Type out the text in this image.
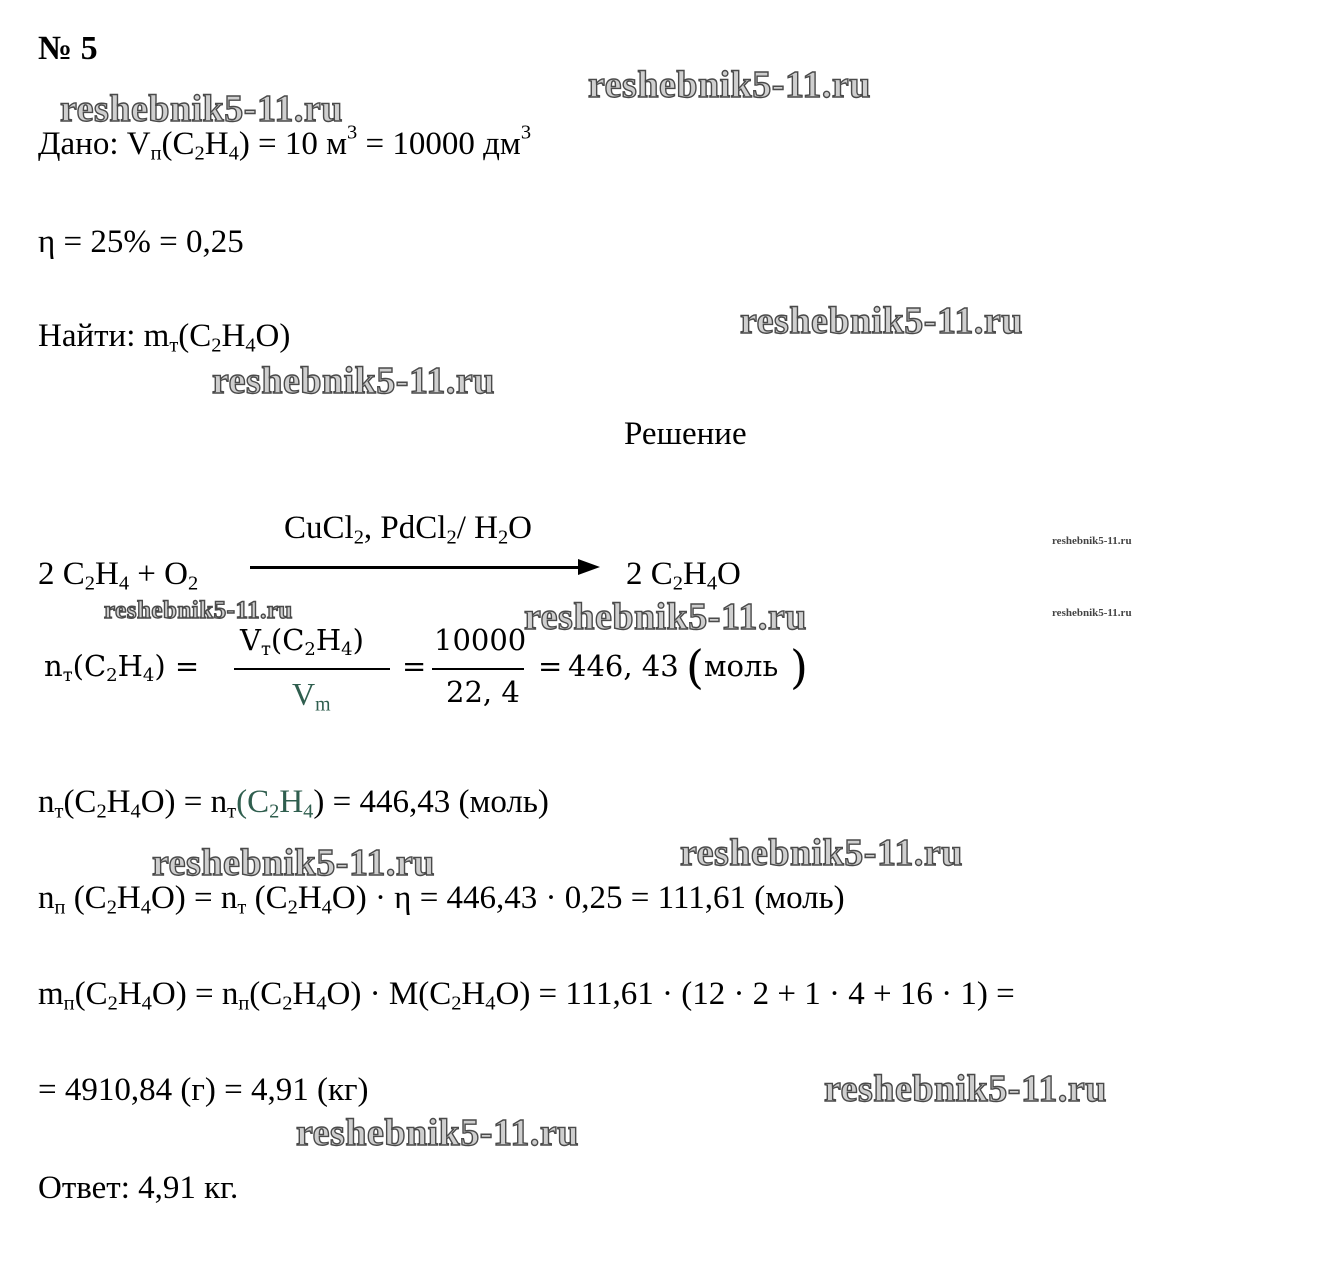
№ 5
reshebnik5-11.ru
reshebnik5-11.ru
reshebnik5-11.ru
reshebnik5-11.ru
reshebnik5-11.ru	reshebnik5-11.ru
reshebnik5-11.ru	reshebnik5-11.ru
reshebnik5-11.ru
reshebnik5-11.ru
reshebnik5-11.ru
reshebnik5-11.ru
Дано: $V_п(C_2H_4) = 10$ $м^3 = 10000$ $дм^3$
η = 25% = 0,25
Найти: $m_т(C_2H_4O)$
Решение
CuCl$_2$, PdCl$_2$/ $H_2O$
2 $C_2H_4 + O_2$	2 $C_2H_4O$
$n_т(C_2H_4)$ =
$V_т(C_2H_4)$
$V_m$
=
10000
22, 4
= 446, 43 ( моль )
$n_т(C_2H_4O) = n_т(C_2H_4) = 446,43$ (моль)
$n_п$ $(C_2H_4O) = n_т$ $(C_2H_4O) \cdot \eta = 446,43 \cdot 0,25 = 111,61$ (моль)
$m_п(C_2H_4O) = n_п(C_2H_4O) \cdot M(C_2H_4O) = 111,61 \cdot (12 \cdot 2 + 1 \cdot 4 + 16 \cdot 1)$ =
= 4910,84 (г) = 4,91 (кг)
Ответ: 4,91 кг.
